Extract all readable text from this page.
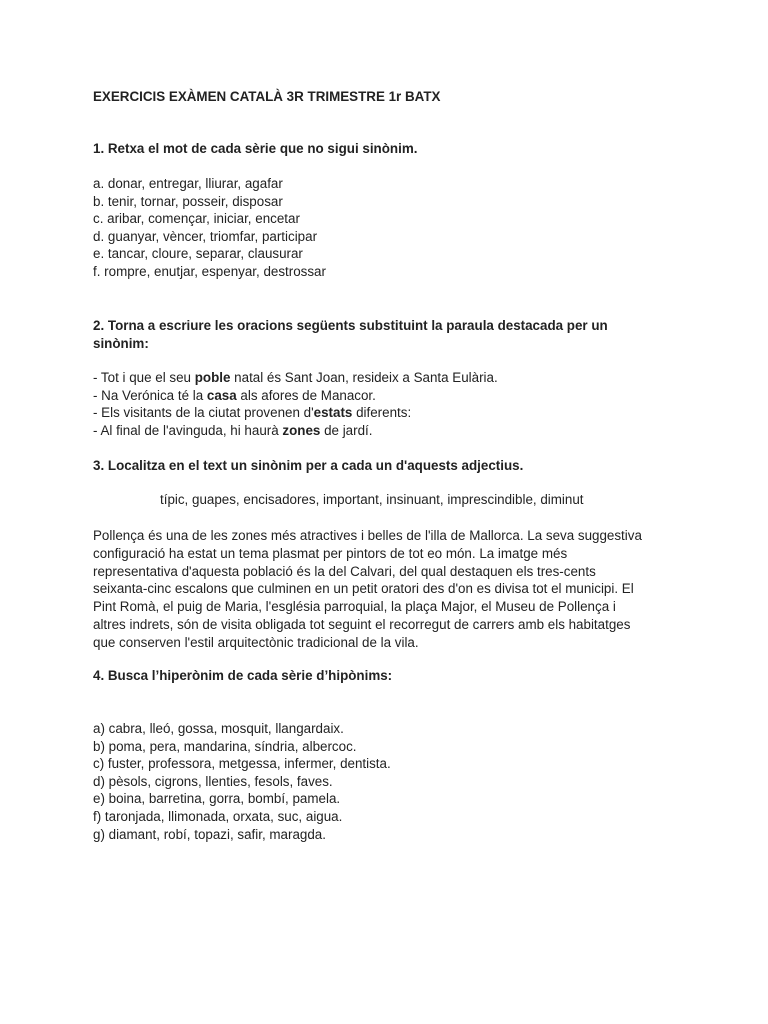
EXERCICIS EXÀMEN CATALÀ 3R TRIMESTRE 1r BATX
1. Retxa el mot de cada sèrie que no sigui sinònim.
a. donar, entregar, lliurar, agafar
b. tenir, tornar, posseir, disposar
c. aribar, començar, iniciar, encetar
d. guanyar, vèncer, triomfar, participar
e. tancar, cloure, separar, clausurar
f. rompre, enutjar, espenyar, destrossar
2. Torna a escriure les oracions següents substituint la paraula destacada per un
sinònim:
- Tot i que el seu poble natal és Sant Joan, resideix a Santa Eulària.
- Na Verónica té la casa als afores de Manacor.
- Els visitants de la ciutat provenen d'estats diferents:
- Al final de l'avinguda, hi haurà zones de jardí.
3. Localitza en el text un sinònim per a cada un d'aquests adjectius.
típic, guapes, encisadores, important, insinuant, imprescindible, diminut
Pollença és una de les zones més atractives i belles de l'illa de Mallorca. La seva suggestiva
configuració ha estat un tema plasmat per pintors de tot eo món. La imatge més
representativa d'aquesta població és la del Calvari, del qual destaquen els tres-cents
seixanta-cinc escalons que culminen en un petit oratori des d'on es divisa tot el municipi. El
Pint Romà, el puig de Maria, l'església parroquial, la plaça Major, el Museu de Pollença i
altres indrets, són de visita obligada tot seguint el recorregut de carrers amb els habitatges
que conserven l'estil arquitectònic tradicional de la vila.
4. Busca l’hiperònim de cada sèrie d’hipònims:
a) cabra, lleó, gossa, mosquit, llangardaix.
b) poma, pera, mandarina, síndria, albercoc.
c) fuster, professora, metgessa, infermer, dentista.
d) pèsols, cigrons, llenties, fesols, faves.
e) boina, barretina, gorra, bombí, pamela.
f) taronjada, llimonada, orxata, suc, aigua.
g) diamant, robí, topazi, safir, maragda.
